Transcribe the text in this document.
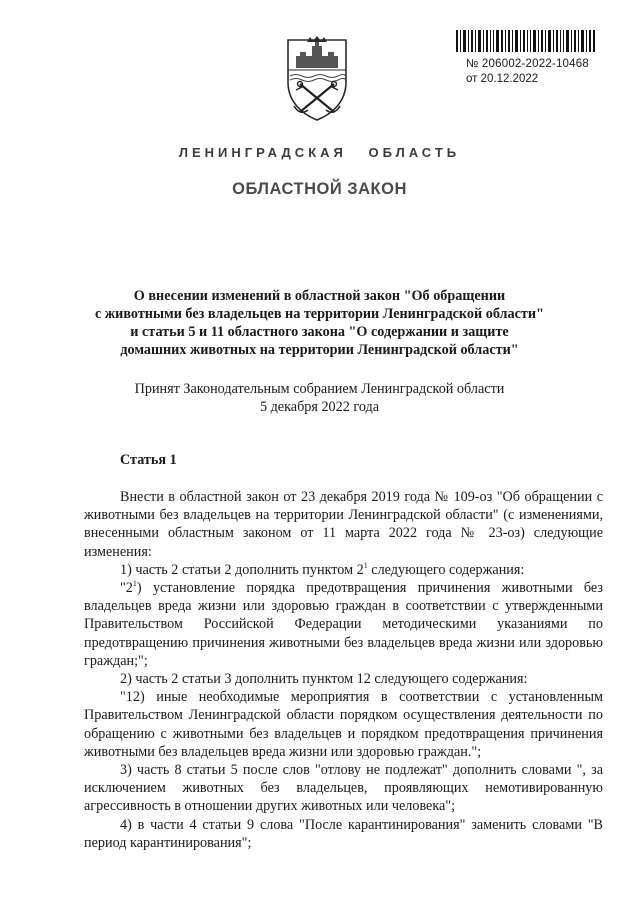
№ 206002-2022-10468
от 20.12.2022
ЛЕНИНГРАДСКАЯ ОБЛАСТЬ
ОБЛАСТНОЙ ЗАКОН
О внесении изменений в областной закон "Об обращении
с животными без владельцев на территории Ленинградской области"
и статьи 5 и 11 областного закона "О содержании и защите
домашних животных на территории Ленинградской области"
Принят Законодательным собранием Ленинградской области
5 декабря 2022 года
Статья 1

Внести в областной закон от 23 декабря 2019 года № 109-оз "Об обращении с животными без владельцев на территории Ленинградской области" (с изменениями, внесенными областным законом от 11 марта 2022 года № 23-оз) следующие изменения:

1) часть 2 статьи 2 дополнить пунктом $2^1$ следующего содержания:

"$2^1$) установление порядка предотвращения причинения животными без владельцев вреда жизни или здоровью граждан в соответствии с утвержденными Правительством Российской Федерации методическими указаниями по предотвращению причинения животными без владельцев вреда жизни или здоровью граждан;";

2) часть 2 статьи 3 дополнить пунктом 12 следующего содержания:

"12) иные необходимые мероприятия в соответствии с установленным Правительством Ленинградской области порядком осуществления деятельности по обращению с животными без владельцев и порядком предотвращения причинения животными без владельцев вреда жизни или здоровью граждан.";

3) часть 8 статьи 5 после слов "отлову не подлежат" дополнить словами ", за исключением животных без владельцев, проявляющих немотивированную агрессивность в отношении других животных или человека";

4) в части 4 статьи 9 слова "После карантинирования" заменить словами "В период карантинирования";
